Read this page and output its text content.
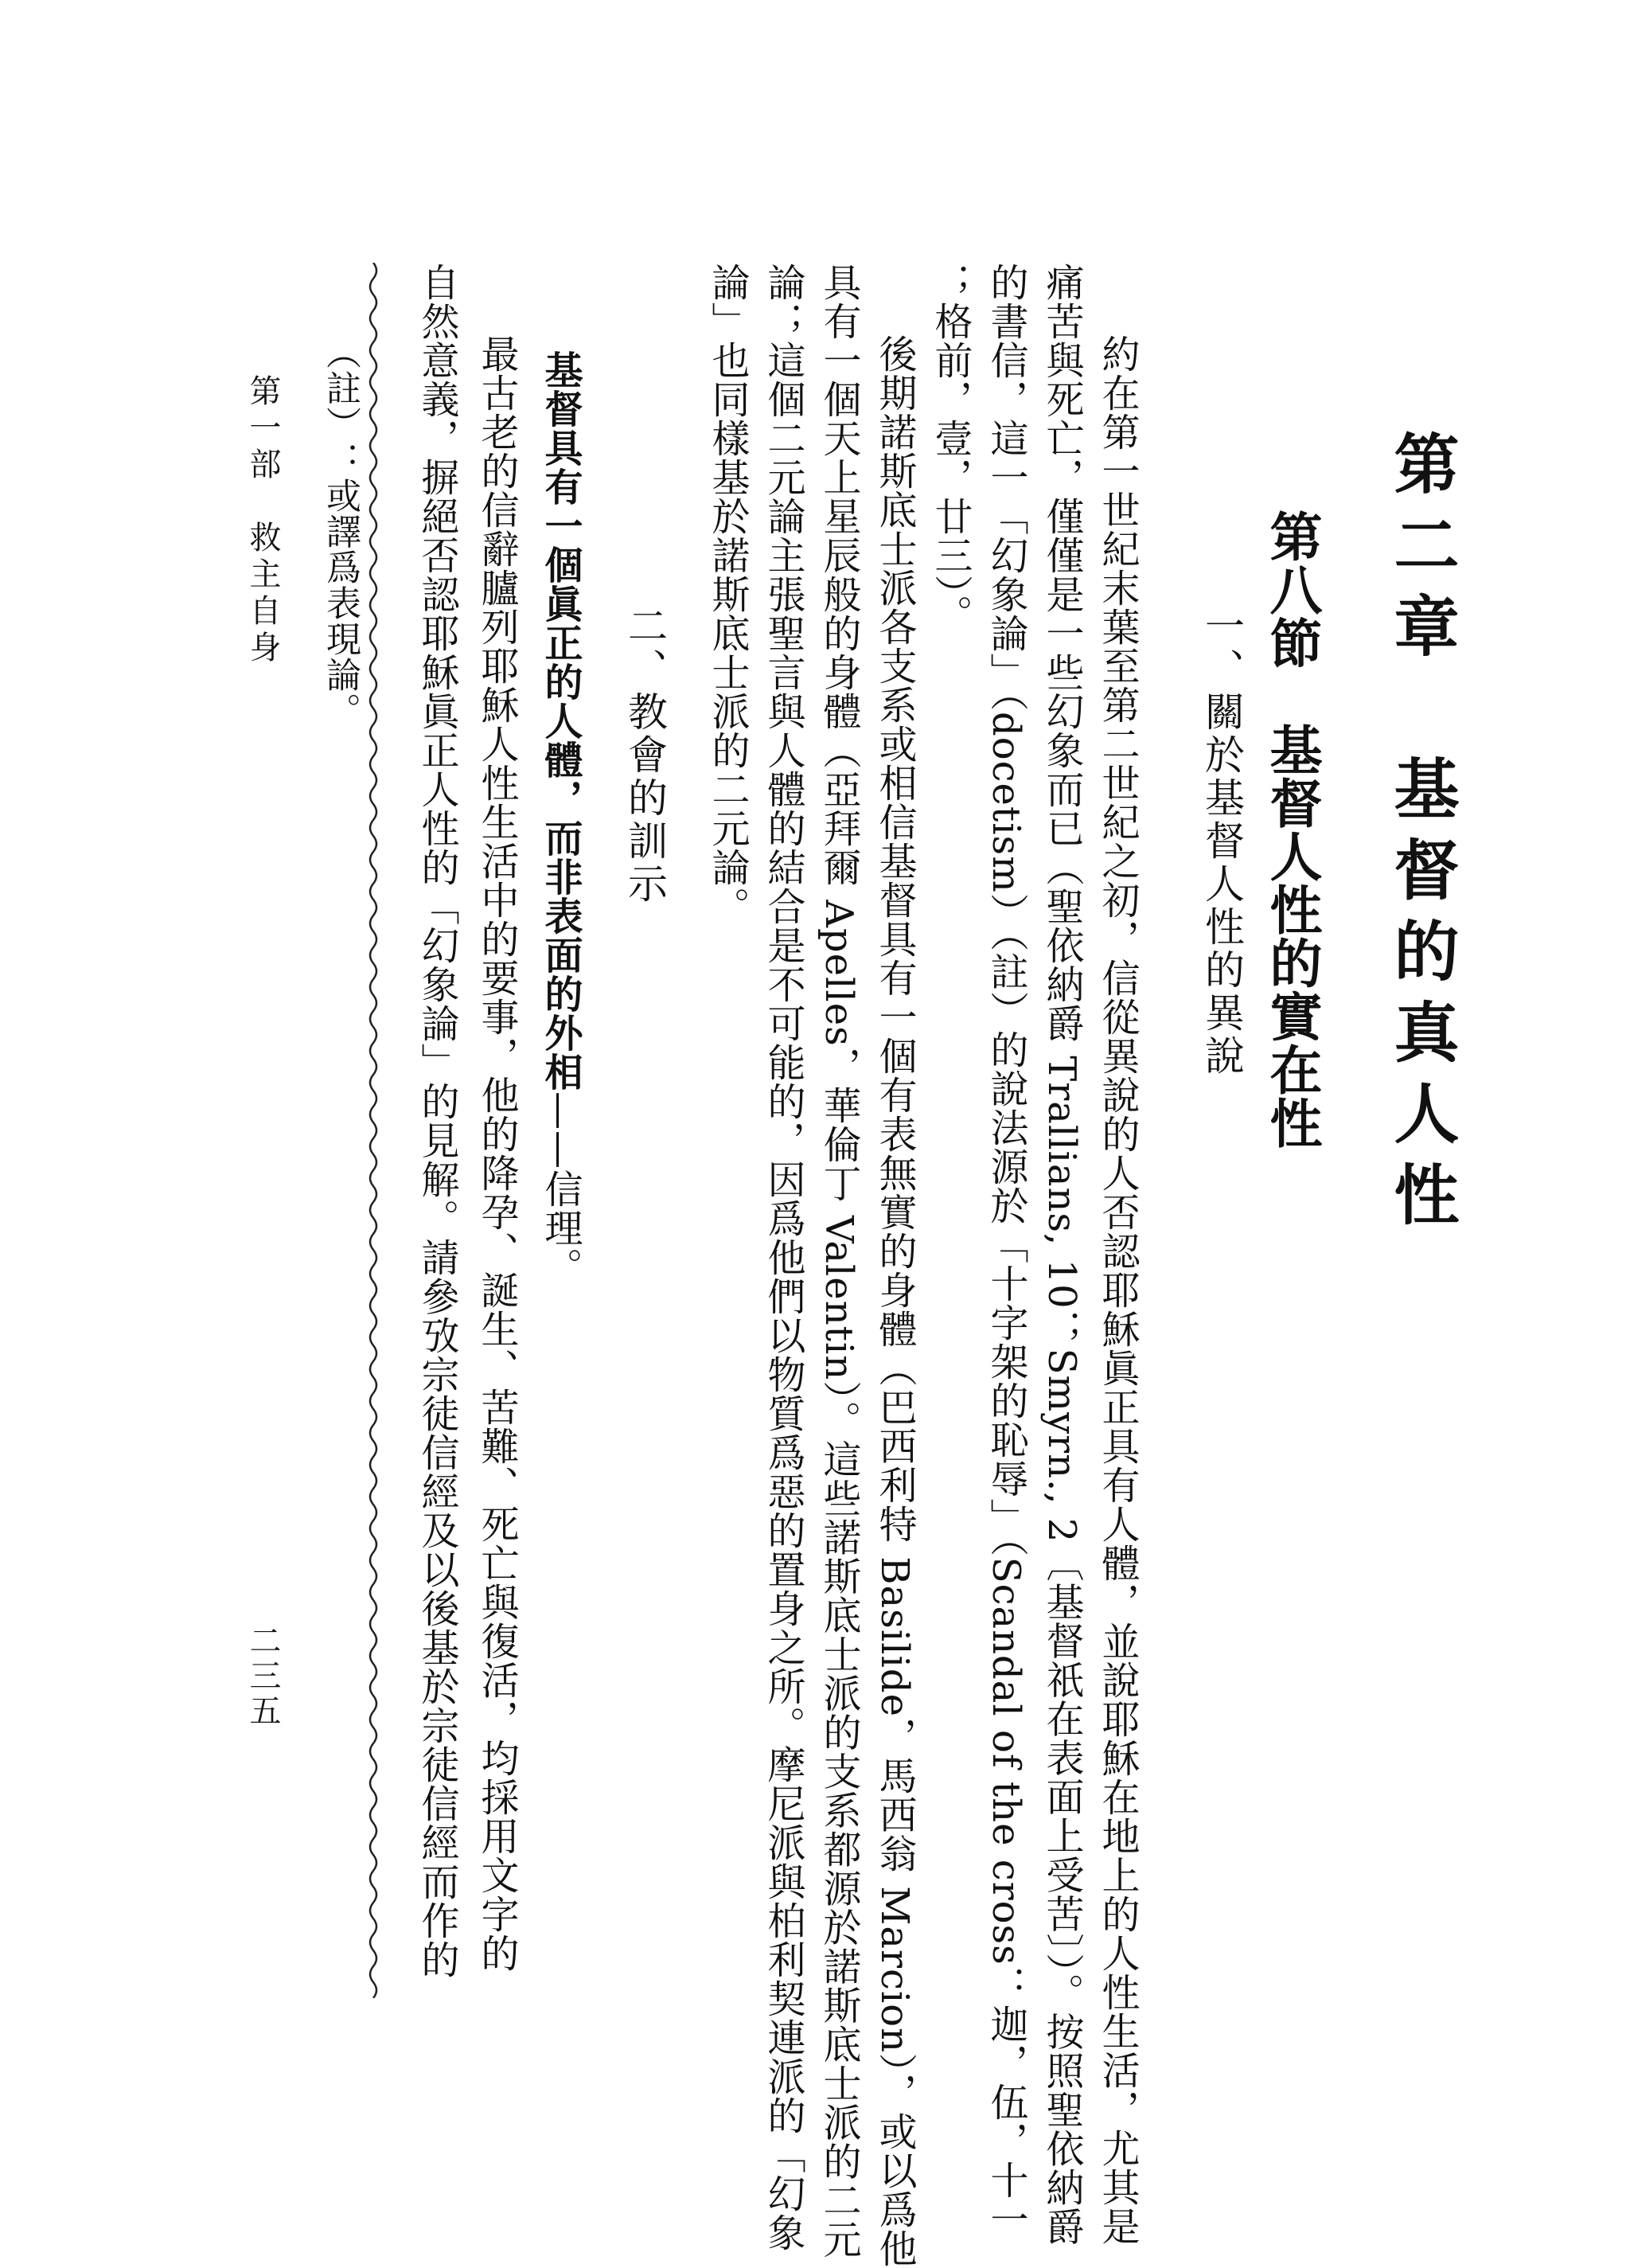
第二章　基督的真人性
第八節　基督人性的實在性
一、關於基督人性的異說
約在第一世紀末葉至第二世紀之初，信從異說的人否認耶穌眞正具有人體，並說耶穌在地上的人性生活，尤其是
痛苦與死亡，僅僅是一些幻象而已（聖依納爵 Trallians, 10；Smyrn., 2〔基督祇在表面上受苦〕）。按照聖依納爵
的書信，這一「幻象論」（docetism）（註）的說法源於「十字架的恥辱」（Scandal of the cross：迦，伍，十一
；格前，壹，廿三）。
後期諾斯底士派各支系或相信基督具有一個有表無實的身體（巴西利特 Basilide，馬西翁 Marcion），或以爲他
具有一個天上星辰般的身體（亞拜爾 Apelles，華倫丁 Valentin）。這些諾斯底士派的支系都源於諾斯底士派的二元
論；這個二元論主張聖言與人體的結合是不可能的，因爲他們以物質爲惡的置身之所。摩尼派與柏利契連派的「幻象
論」也同樣基於諾斯底士派的二元論。
二、教會的訓示
基督具有一個眞正的人體，而非表面的外相——信理。
最古老的信辭臚列耶穌人性生活中的要事，他的降孕、誕生、苦難、死亡與復活，均採用文字的
自然意義，摒絕否認耶穌眞正人性的「幻象論」的見解。請參攷宗徒信經及以後基於宗徒信經而作的
（註）：或譯爲表現論。
第一部　救主自身
二三五
